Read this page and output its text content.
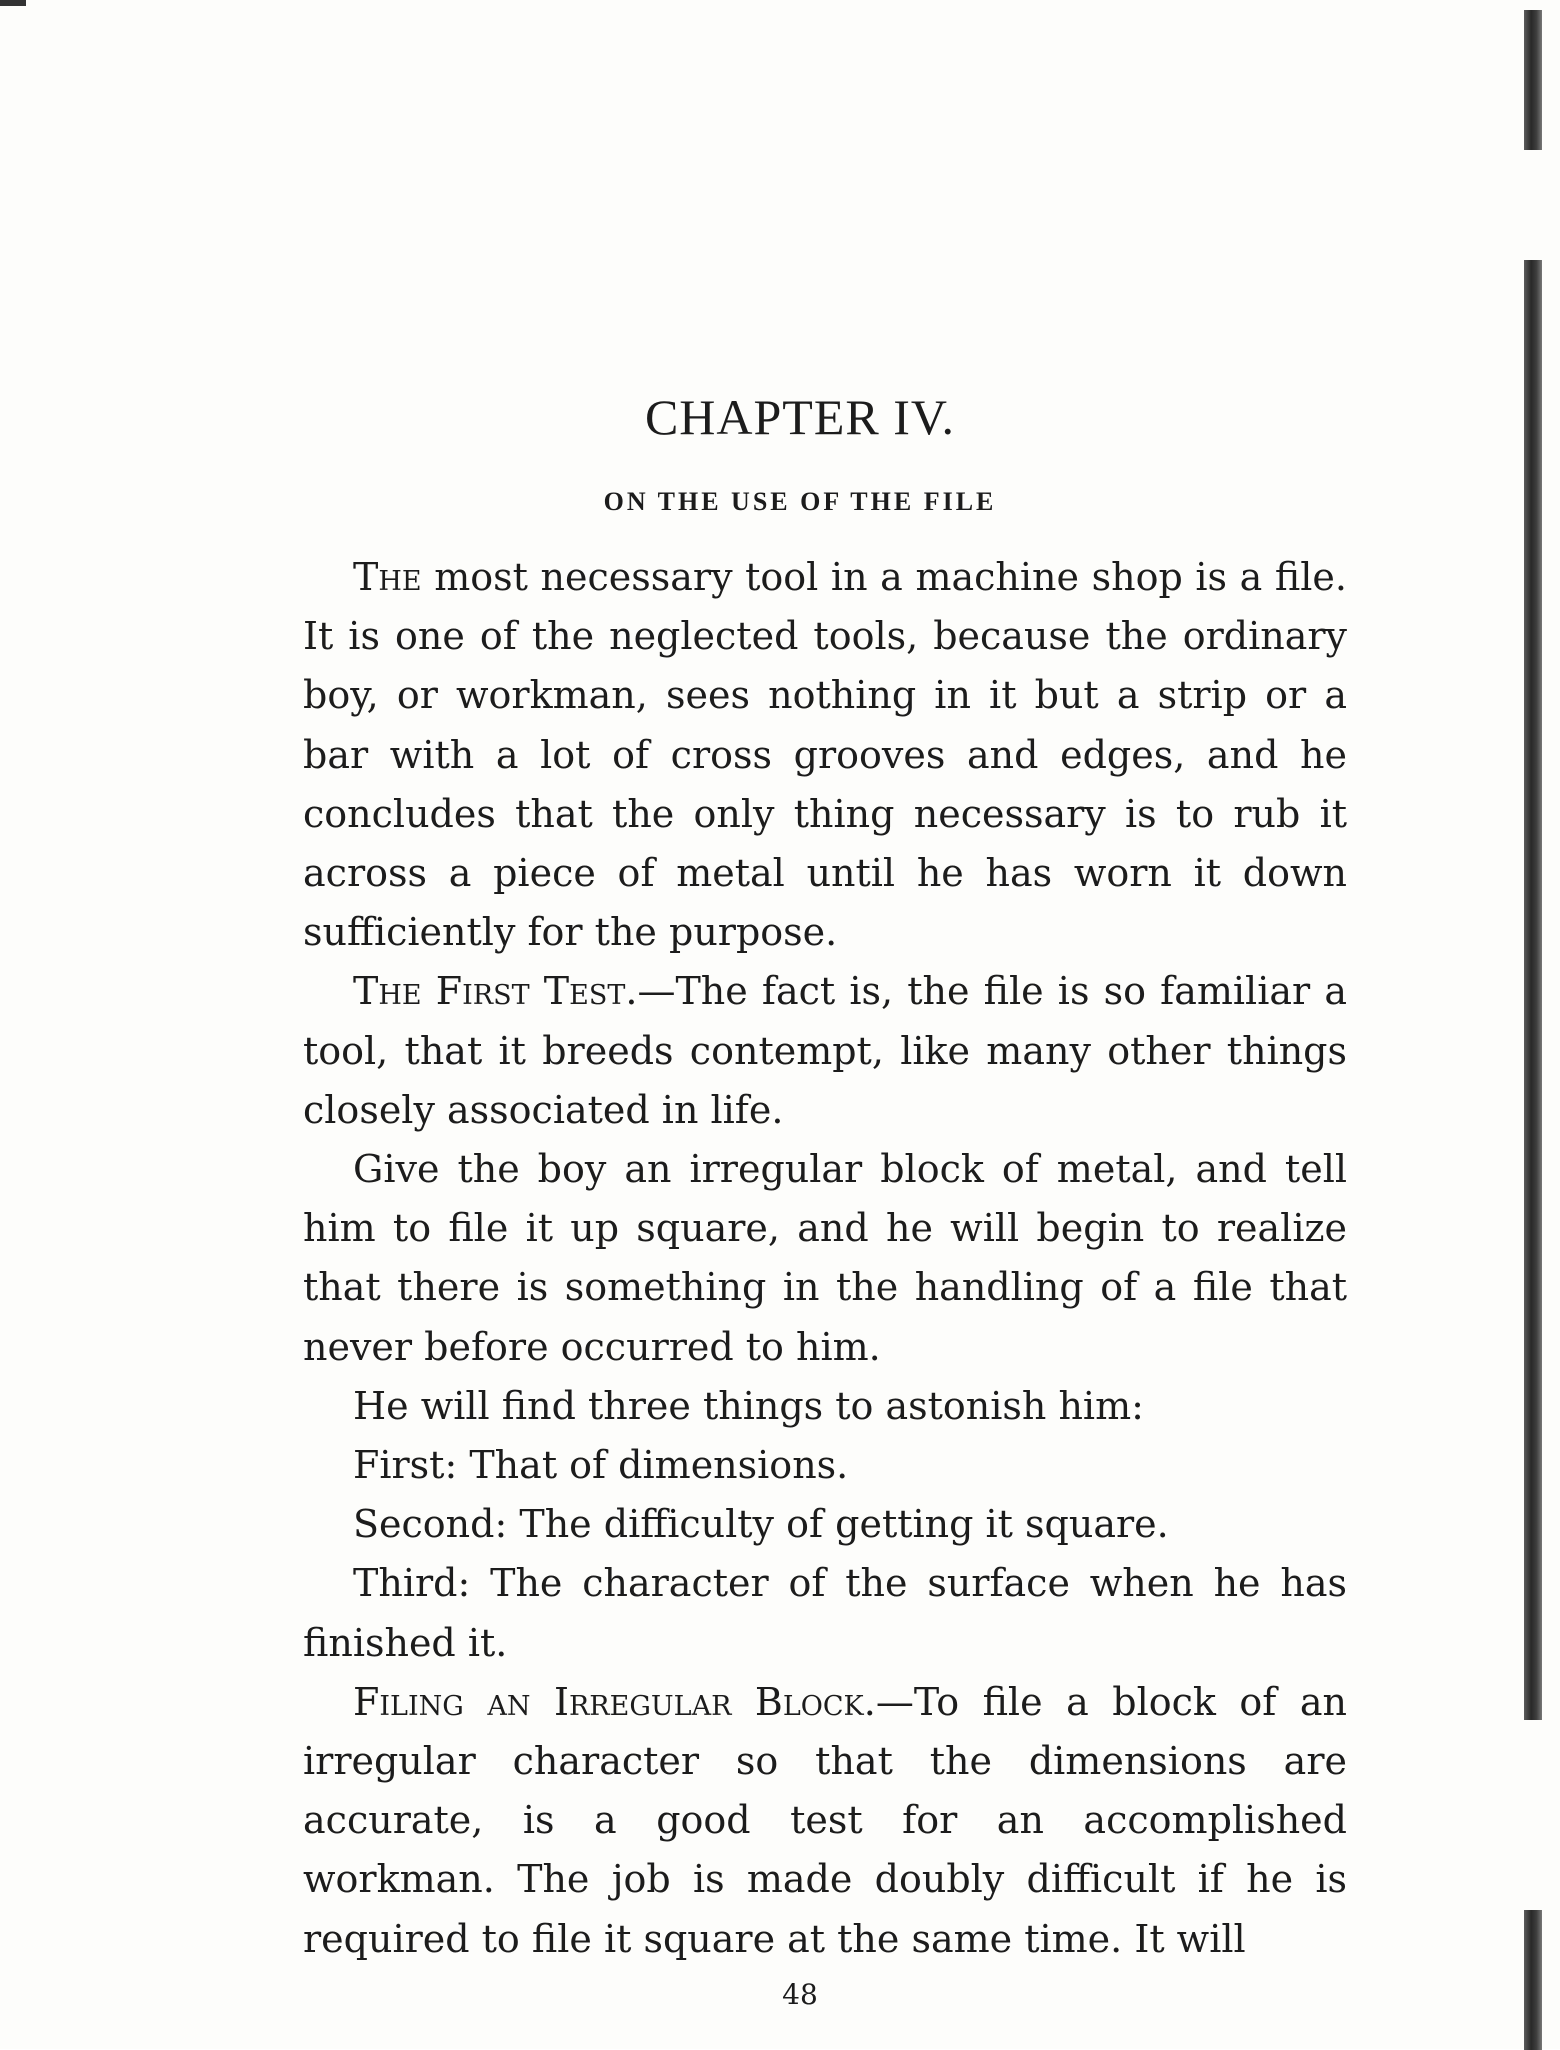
CHAPTER IV.
ON THE USE OF THE FILE

The most necessary tool in a machine shop is a file. It is one of the neglected tools, because the ordinary boy, or workman, sees nothing in it but a strip or a bar with a lot of cross grooves and edges, and he concludes that the only thing necessary is to rub it across a piece of metal until he has worn it down sufficiently for the purpose.

The First Test.—The fact is, the file is so familiar a tool, that it breeds contempt, like many other things closely associated in life.

Give the boy an irregular block of metal, and tell him to file it up square, and he will begin to realize that there is something in the handling of a file that never before occurred to him.

He will find three things to astonish him:

First: That of dimensions.

Second: The difficulty of getting it square.

Third: The character of the surface when he has finished it.

Filing an Irregular Block.—To file a block of an irregular character so that the dimensions are accurate, is a good test for an accomplished workman. The job is made doubly difficult if he is required to file it square at the same time. It will

48
